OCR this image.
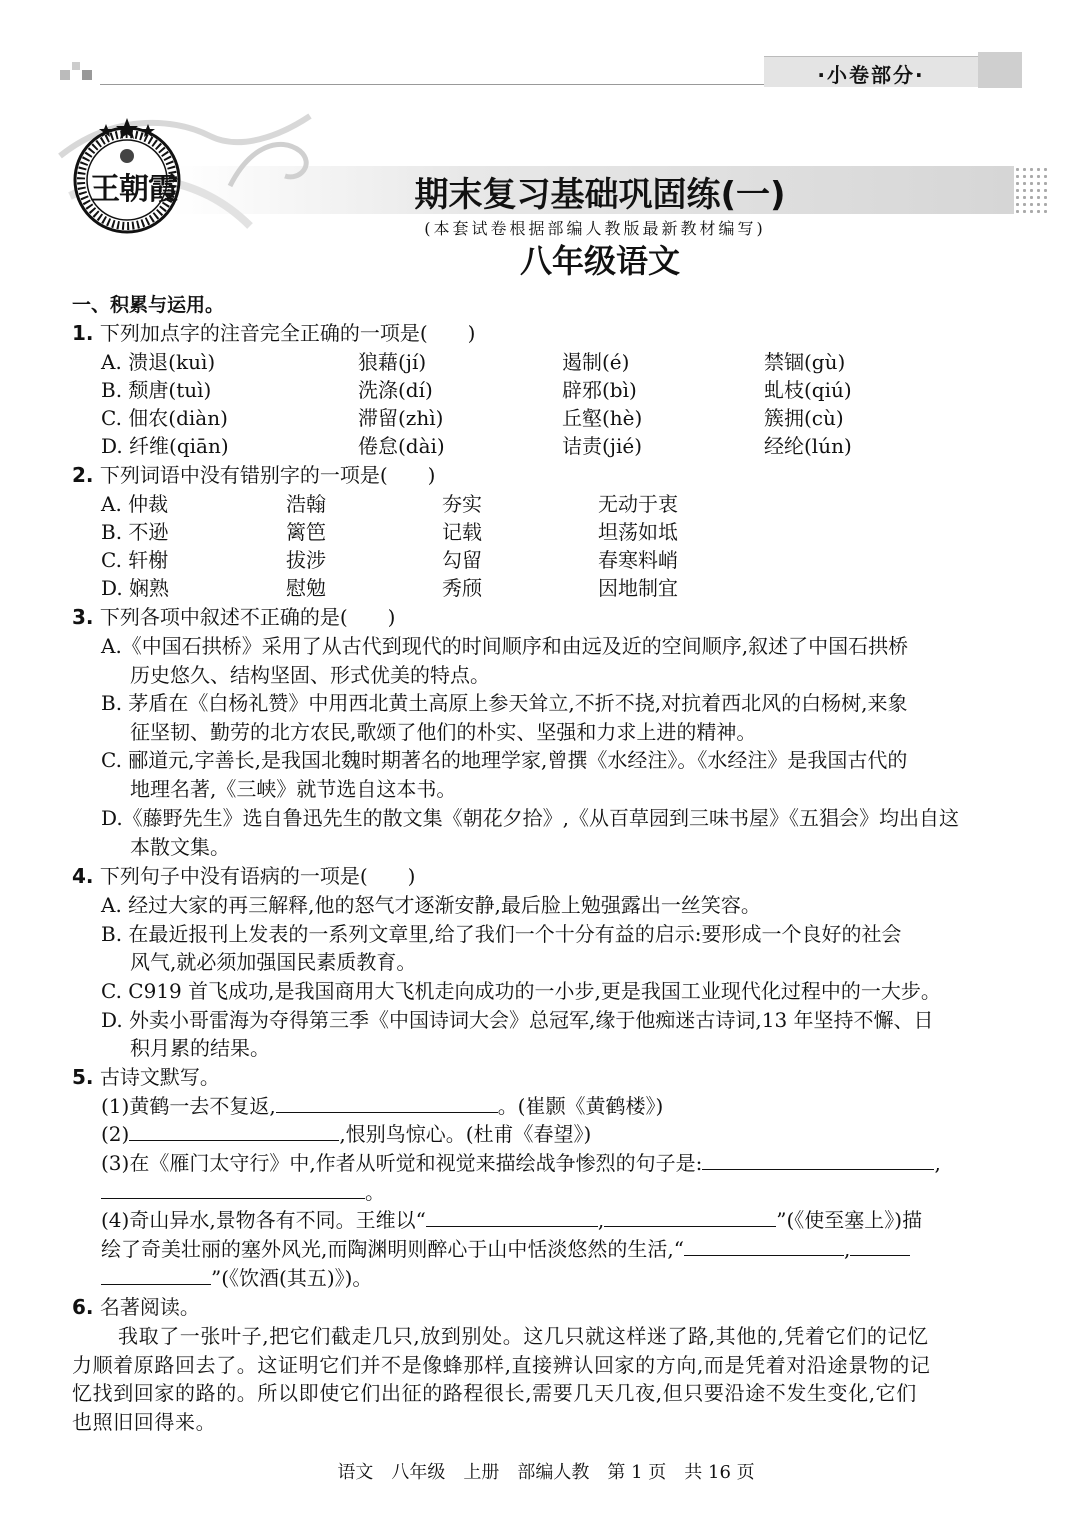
·小卷部分·
王朝霞	期末复习基础巩固练(一)
(本套试卷根据部编人教版最新教材编写)
八年级语文
一、积累与运用。
1. 下列加点字的注音完全正确的一项是(　　)
A. 溃退(kuì)	狼藉(jí)	遏制(é)	禁锢(gù)
B. 颓唐(tuì)	洗涤(dí)	辟邪(bì)	虬枝(qiú)
C. 佃农(diàn)	滞留(zhì)	丘壑(hè)	簇拥(cù)
D. 纤维(qiān)	倦怠(dài)	诘责(jié)	经纶(lún)
2. 下列词语中没有错别字的一项是(　　)
A. 仲裁	浩翰	夯实	无动于衷
B. 不逊	篱笆	记载	坦荡如坻
C. 轩榭	拔涉	勾留	春寒料峭
D. 娴熟	慰勉	秀颀	因地制宜
3. 下列各项中叙述不正确的是(　　)
A.《中国石拱桥》采用了从古代到现代的时间顺序和由远及近的空间顺序,叙述了中国石拱桥
历史悠久、结构坚固、形式优美的特点。
B. 茅盾在《白杨礼赞》中用西北黄土高原上参天耸立,不折不挠,对抗着西北风的白杨树,来象
征坚韧、勤劳的北方农民,歌颂了他们的朴实、坚强和力求上进的精神。
C. 郦道元,字善长,是我国北魏时期著名的地理学家,曾撰《水经注》。《水经注》是我国古代的
地理名著,《三峡》就节选自这本书。
D.《藤野先生》选自鲁迅先生的散文集《朝花夕拾》,《从百草园到三味书屋》《五猖会》均出自这
本散文集。
4. 下列句子中没有语病的一项是(　　)
A. 经过大家的再三解释,他的怒气才逐渐安静,最后脸上勉强露出一丝笑容。
B. 在最近报刊上发表的一系列文章里,给了我们一个十分有益的启示:要形成一个良好的社会
风气,就必须加强国民素质教育。
C. C919 首飞成功,是我国商用大飞机走向成功的一小步,更是我国工业现代化过程中的一大步。
D. 外卖小哥雷海为夺得第三季《中国诗词大会》总冠军,缘于他痴迷古诗词,13 年坚持不懈、日
积月累的结果。
5. 古诗文默写。
(1)黄鹤一去不复返,	。(崔颢《黄鹤楼》)
(2)	,恨别鸟惊心。(杜甫《春望》)
(3)在《雁门太守行》中,作者从听觉和视觉来描绘战争惨烈的句子是:	,
。
(4)奇山异水,景物各有不同。王维以“	,	”(《使至塞上》)描
绘了奇美壮丽的塞外风光,而陶渊明则醉心于山中恬淡悠然的生活,“	,
”(《饮酒(其五)》)。
6. 名著阅读。
我取了一张叶子,把它们截走几只,放到别处。这几只就这样迷了路,其他的,凭着它们的记忆
力顺着原路回去了。这证明它们并不是像蜂那样,直接辨认回家的方向,而是凭着对沿途景物的记
忆找到回家的路的。所以即使它们出征的路程很长,需要几天几夜,但只要沿途不发生变化,它们
也照旧回得来。
语文　八年级　上册　部编人教　第 1 页　共 16 页
